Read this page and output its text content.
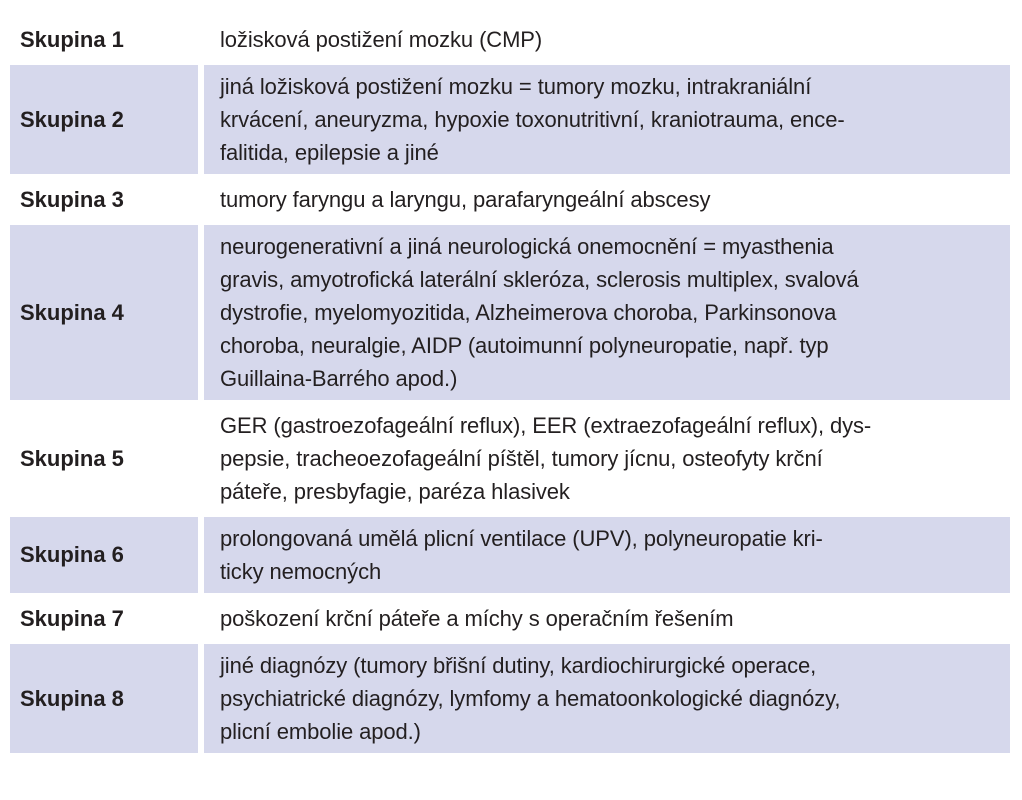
Skupina 1	ložisková postižení mozku (CMP)

Skupina 2	jiná ložisková postižení mozku = tumory mozku, intrakraniální
krvácení, aneuryzma, hypoxie toxonutritivní, kraniotrauma, ence-
falitida, epilepsie a jiné

Skupina 3	tumory faryngu a laryngu, parafaryngeální abscesy

Skupina 4	neurogenerativní a jiná neurologická onemocnění = myasthenia
gravis, amyotrofická laterální skleróza, sclerosis multiplex, svalová
dystrofie, myelomyozitida, Alzheimerova choroba, Parkinsonova
choroba, neuralgie, AIDP (autoimunní polyneuropatie, např. typ
Guillaina-Barrého apod.)

Skupina 5	GER (gastroezofageální reflux), EER (extraezofageální reflux), dys-
pepsie, tracheoezofageální píštěl, tumory jícnu, osteofyty krční
páteře, presbyfagie, paréza hlasivek

Skupina 6	prolongovaná umělá plicní ventilace (UPV), polyneuropatie kri-
ticky nemocných

Skupina 7	poškození krční páteře a míchy s operačním řešením

Skupina 8	jiné diagnózy (tumory břišní dutiny, kardiochirurgické operace,
psychiatrické diagnózy, lymfomy a hematoonkologické diagnózy,
plicní embolie apod.)
